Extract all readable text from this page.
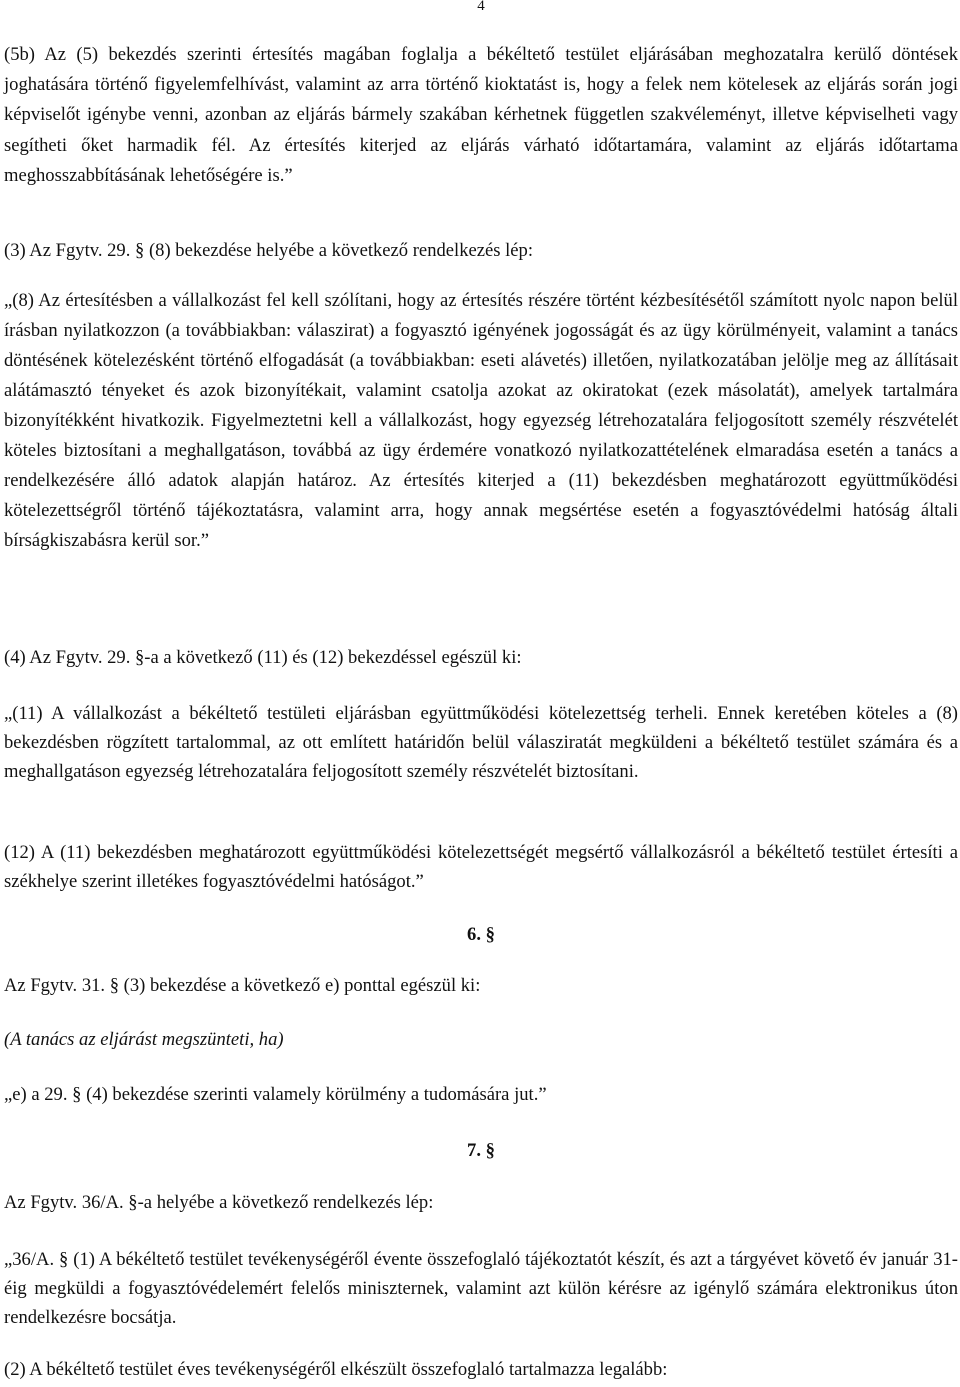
4

(5b) Az (5) bekezdés szerinti értesítés magában foglalja a békéltető testület eljárásában meghozatalra kerülő döntések joghatására történő figyelemfelhívást, valamint az arra történő kioktatást is, hogy a felek nem kötelesek az eljárás során jogi képviselőt igénybe venni, azonban az eljárás bármely szakában kérhetnek független szakvéleményt, illetve képviselheti vagy segítheti őket harmadik fél. Az értesítés kiterjed az eljárás várható időtartamára, valamint az eljárás időtartama meghosszabbításának lehetőségére is.”

(3) Az Fgytv. 29. § (8) bekezdése helyébe a következő rendelkezés lép:

„(8) Az értesítésben a vállalkozást fel kell szólítani, hogy az értesítés részére történt kézbesítésétől számított nyolc napon belül írásban nyilatkozzon (a továbbiakban: válaszirat) a fogyasztó igényének jogosságát és az ügy körülményeit, valamint a tanács döntésének kötelezésként történő elfogadását (a továbbiakban: eseti alávetés) illetően, nyilatkozatában jelölje meg az állításait alátámasztó tényeket és azok bizonyítékait, valamint csatolja azokat az okiratokat (ezek másolatát), amelyek tartalmára bizonyítékként hivatkozik. Figyelmeztetni kell a vállalkozást, hogy egyezség létrehozatalára feljogosított személy részvételét köteles biztosítani a meghallgatáson, továbbá az ügy érdemére vonatkozó nyilatkozattételének elmaradása esetén a tanács a rendelkezésére álló adatok alapján határoz. Az értesítés kiterjed a (11) bekezdésben meghatározott együttműködési kötelezettségről történő tájékoztatásra, valamint arra, hogy annak megsértése esetén a fogyasztóvédelmi hatóság általi bírságkiszabásra kerül sor.”

(4) Az Fgytv. 29. §-a a következő (11) és (12) bekezdéssel egészül ki:

„(11) A vállalkozást a békéltető testületi eljárásban együttműködési kötelezettség terheli. Ennek keretében köteles a (8) bekezdésben rögzített tartalommal, az ott említett határidőn belül válasziratát megküldeni a békéltető testület számára és a meghallgatáson egyezség létrehozatalára feljogosított személy részvételét biztosítani.

(12) A (11) bekezdésben meghatározott együttműködési kötelezettségét megsértő vállalkozásról a békéltető testület értesíti a székhelye szerint illetékes fogyasztóvédelmi hatóságot.”

6. §

Az Fgytv. 31. § (3) bekezdése a következő e) ponttal egészül ki:

(A tanács az eljárást megszünteti, ha)

„e) a 29. § (4) bekezdése szerinti valamely körülmény a tudomására jut.”

7. §

Az Fgytv. 36/A. §-a helyébe a következő rendelkezés lép:

„36/A. § (1) A békéltető testület tevékenységéről évente összefoglaló tájékoztatót készít, és azt a tárgyévet követő év január 31-éig megküldi a fogyasztóvédelemért felelős miniszternek, valamint azt külön kérésre az igénylő számára elektronikus úton rendelkezésre bocsátja.

(2) A békéltető testület éves tevékenységéről elkészült összefoglaló tartalmazza legalább:
